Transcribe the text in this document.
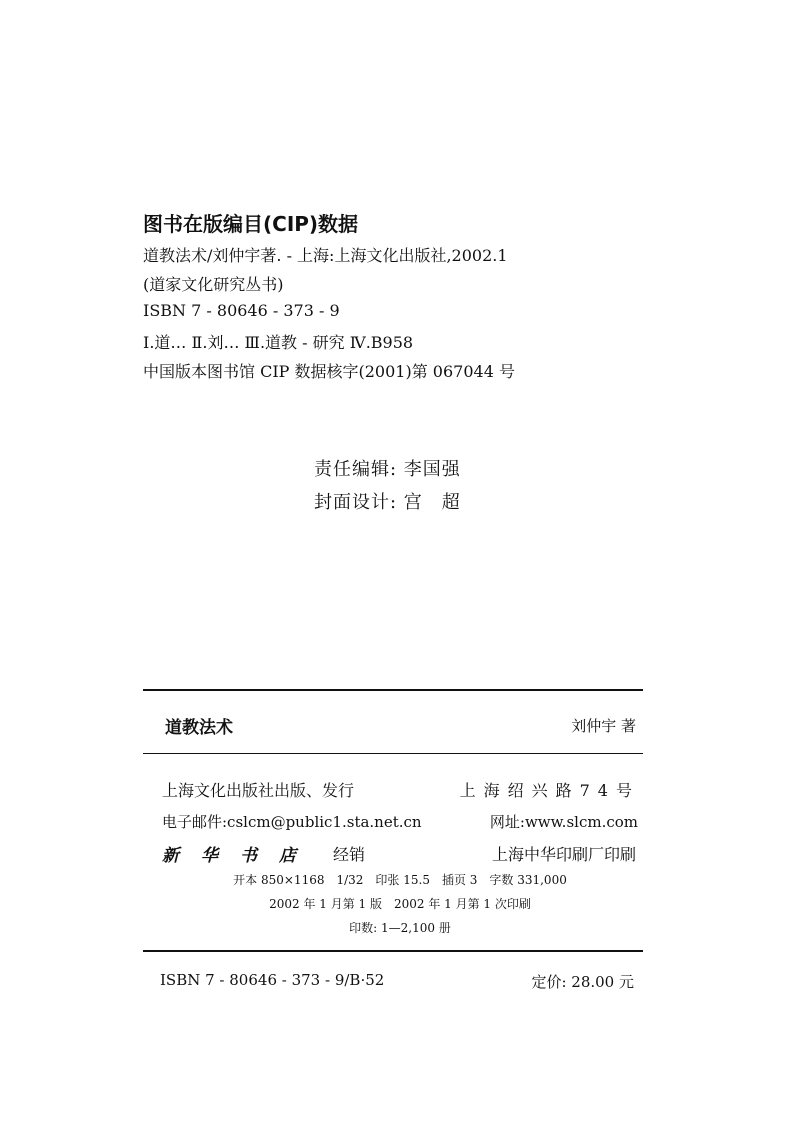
图书在版编目(CIP)数据
道教法术/刘仲宇著. - 上海:上海文化出版社,2002.1
(道家文化研究丛书)
ISBN 7 - 80646 - 373 - 9
Ⅰ.道… Ⅱ.刘… Ⅲ.道教 - 研究 Ⅳ.B958
中国版本图书馆 CIP 数据核字(2001)第 067044 号
责任编辑: 李国强
封面设计: 宫　超
道教法术	刘仲宇 著
上海文化出版社出版、发行	上海绍兴路74号
电子邮件:cslcm@public1.sta.net.cn	网址:www.slcm.com
新华书店 经销	上海中华印刷厂印刷
开本 850×1168　1/32　印张 15.5　插页 3　字数 331,000
2002 年 1 月第 1 版　2002 年 1 月第 1 次印刷
印数: 1—2,100 册
ISBN 7 - 80646 - 373 - 9/B·52	定价: 28.00 元
